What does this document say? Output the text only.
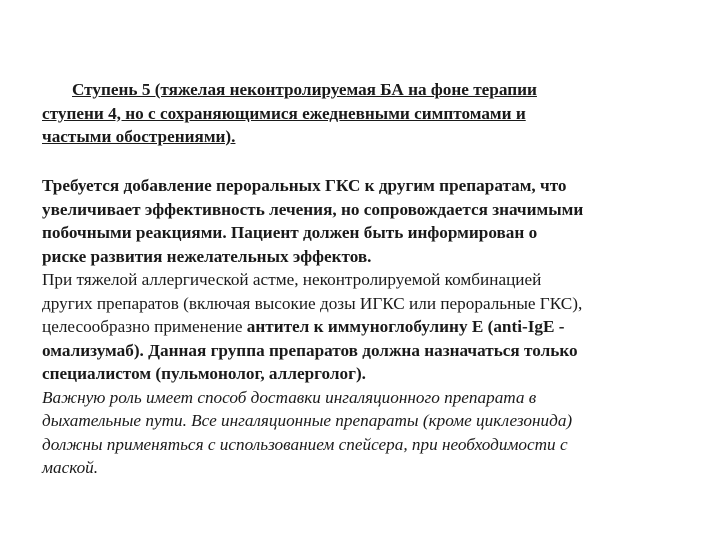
Ступень 5 (тяжелая неконтролируемая БА на фоне терапии
ступени 4, но с сохраняющимися ежедневными симптомами и
частыми обострениями).
Требуется добавление пероральных ГКС к другим препаратам, что
увеличивает эффективность лечения, но сопровождается значимыми
побочными реакциями. Пациент должен быть информирован о
риске развития нежелательных эффектов.
При тяжелой аллергической астме, неконтролируемой комбинацией
других препаратов (включая высокие дозы ИГКС или пероральные ГКС),
целесообразно применение антител к иммуноглобулину Е (anti-IgE -
омализумаб). Данная группа препаратов должна назначаться только
специалистом (пульмонолог, аллерголог).
Важную роль имеет способ доставки ингаляционного препарата в
дыхательные пути. Все ингаляционные препараты (кроме циклезонида)
должны применяться с использованием спейсера, при необходимости с
маской.
